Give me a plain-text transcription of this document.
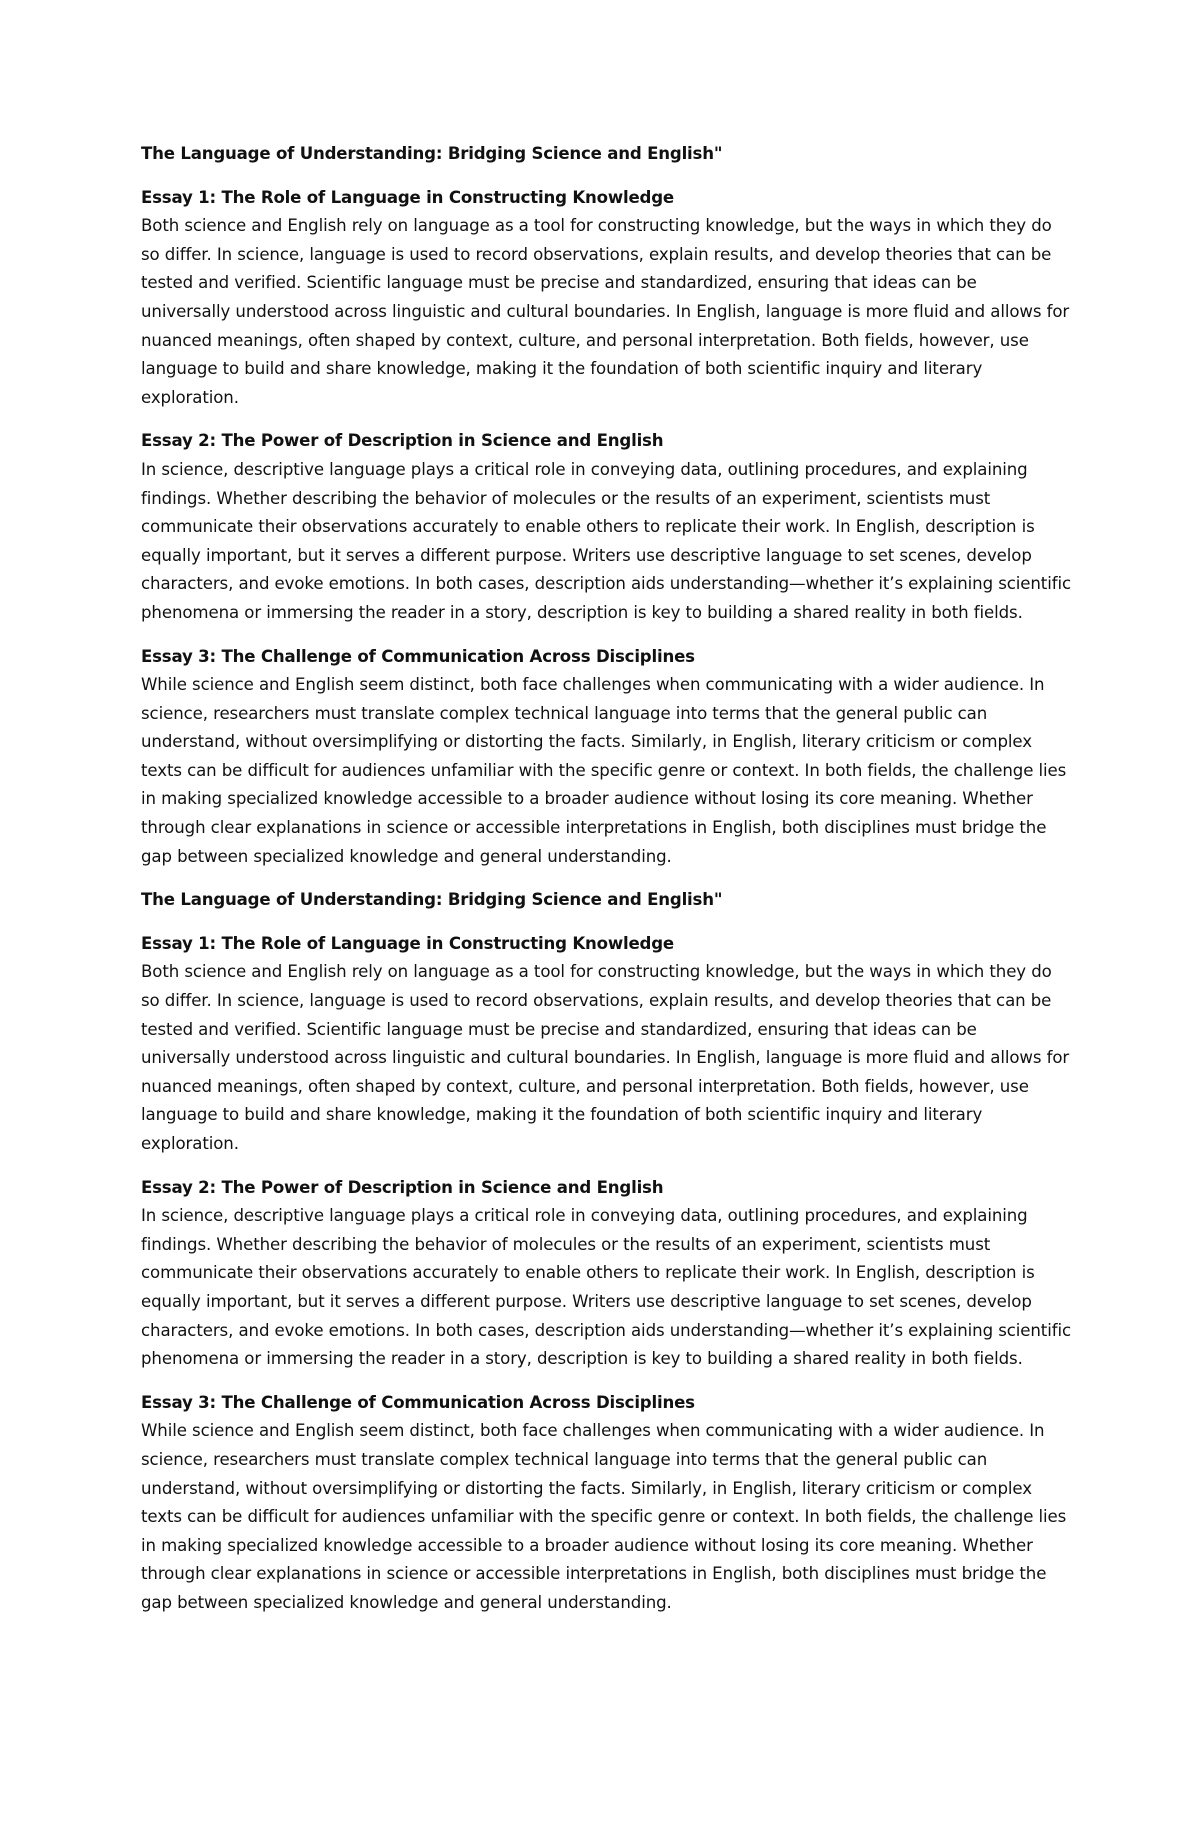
The Language of Understanding: Bridging Science and English"

Essay 1: The Role of Language in Constructing Knowledge

Both science and English rely on language as a tool for constructing knowledge, but the ways in which they do so differ. In science, language is used to record observations, explain results, and develop theories that can be tested and verified. Scientific language must be precise and standardized, ensuring that ideas can be universally understood across linguistic and cultural boundaries. In English, language is more fluid and allows for nuanced meanings, often shaped by context, culture, and personal interpretation. Both fields, however, use language to build and share knowledge, making it the foundation of both scientific inquiry and literary exploration.

Essay 2: The Power of Description in Science and English

In science, descriptive language plays a critical role in conveying data, outlining procedures, and explaining findings. Whether describing the behavior of molecules or the results of an experiment, scientists must communicate their observations accurately to enable others to replicate their work. In English, description is equally important, but it serves a different purpose. Writers use descriptive language to set scenes, develop characters, and evoke emotions. In both cases, description aids understanding—whether it’s explaining scientific phenomena or immersing the reader in a story, description is key to building a shared reality in both fields.

Essay 3: The Challenge of Communication Across Disciplines

While science and English seem distinct, both face challenges when communicating with a wider audience. In science, researchers must translate complex technical language into terms that the general public can understand, without oversimplifying or distorting the facts. Similarly, in English, literary criticism or complex texts can be difficult for audiences unfamiliar with the specific genre or context. In both fields, the challenge lies in making specialized knowledge accessible to a broader audience without losing its core meaning. Whether through clear explanations in science or accessible interpretations in English, both disciplines must bridge the gap between specialized knowledge and general understanding.

The Language of Understanding: Bridging Science and English"

Essay 1: The Role of Language in Constructing Knowledge

Both science and English rely on language as a tool for constructing knowledge, but the ways in which they do so differ. In science, language is used to record observations, explain results, and develop theories that can be tested and verified. Scientific language must be precise and standardized, ensuring that ideas can be universally understood across linguistic and cultural boundaries. In English, language is more fluid and allows for nuanced meanings, often shaped by context, culture, and personal interpretation. Both fields, however, use language to build and share knowledge, making it the foundation of both scientific inquiry and literary exploration.

Essay 2: The Power of Description in Science and English

In science, descriptive language plays a critical role in conveying data, outlining procedures, and explaining findings. Whether describing the behavior of molecules or the results of an experiment, scientists must communicate their observations accurately to enable others to replicate their work. In English, description is equally important, but it serves a different purpose. Writers use descriptive language to set scenes, develop characters, and evoke emotions. In both cases, description aids understanding—whether it’s explaining scientific phenomena or immersing the reader in a story, description is key to building a shared reality in both fields.

Essay 3: The Challenge of Communication Across Disciplines

While science and English seem distinct, both face challenges when communicating with a wider audience. In science, researchers must translate complex technical language into terms that the general public can understand, without oversimplifying or distorting the facts. Similarly, in English, literary criticism or complex texts can be difficult for audiences unfamiliar with the specific genre or context. In both fields, the challenge lies in making specialized knowledge accessible to a broader audience without losing its core meaning. Whether through clear explanations in science or accessible interpretations in English, both disciplines must bridge the gap between specialized knowledge and general understanding.
